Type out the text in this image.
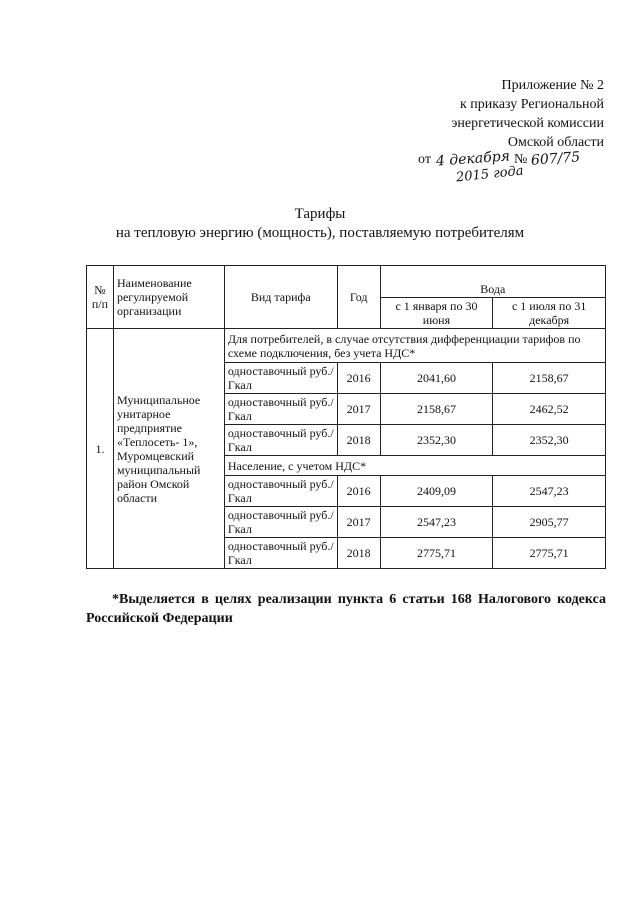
Приложение № 2
к приказу Региональной
энергетической комиссии
Омской области
от 4 декабря № 607/75
2015 года
Тарифы
на тепловую энергию (мощность), поставляемую потребителям
№ п/п	Наименование регулируемой организации	Вид тарифа	Год	Вода	
				с 1 января по 30 июня	с 1 июля по 31 декабря
1.	Муниципальное унитарное предприятие «Теплосеть- 1», Муромцевский муниципальный район Омской области	Для потребителей, в случае отсутствия дифференциации тарифов по схеме подключения, без учета НДС*			
		одноставочный руб./Гкал	2016	2041,60	2158,67
		одноставочный руб./Гкал	2017	2158,67	2462,52
		одноставочный руб./Гкал	2018	2352,30	2352,30
		Население, с учетом НДС*			
		одноставочный руб./Гкал	2016	2409,09	2547,23
		одноставочный руб./Гкал	2017	2547,23	2905,77
		одноставочный руб./Гкал	2018	2775,71	2775,71
*Выделяется в целях реализации пункта 6 статьи 168 Налогового кодекса Российской Федерации
